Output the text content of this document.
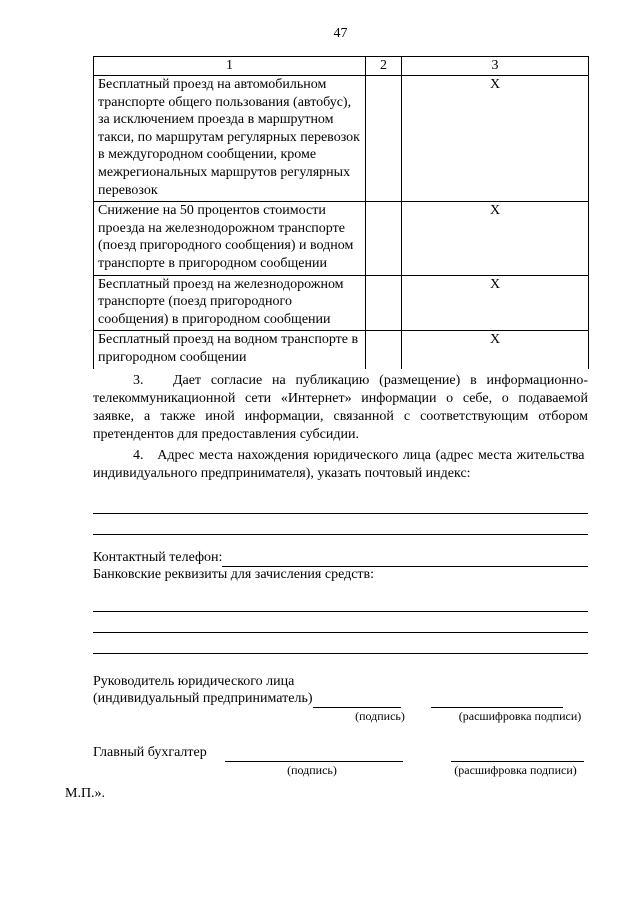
47
1	2	3
Бесплатный проезд на автомобильном транспорте общего пользования (автобус), за исключением проезда в маршрутном такси, по маршрутам регулярных перевозок в междугородном сообщении, кроме межрегиональных маршрутов регулярных перевозок		Х
Снижение на 50 процентов стоимости проезда на железнодорожном транспорте (поезд пригородного сообщения) и водном транспорте в пригородном сообщении		Х
Бесплатный проезд на железнодорожном транспорте (поезд пригородного сообщения) в пригородном сообщении		Х
Бесплатный проезд на водном транспорте в пригородном сообщении		Х

3.   Дает согласие на публикацию (размещение) в информационно-телекоммуникационной сети «Интернет» информации о себе, о подаваемой заявке, а также иной информации, связанной с соответствующим отбором претендентов для предоставления субсидии.

4.   Адрес места нахождения юридического лица (адрес места жительства  индивидуального предпринимателя), указать почтовый индекс:

Контактный телефон:
Банковские реквизиты для зачисления средств:
Руководитель юридического лица
(индивидуальный предприниматель)
(подпись)	(расшифровка подписи)
Главный бухгалтер
(подпись)	(расшифровка подписи)
М.П.».
